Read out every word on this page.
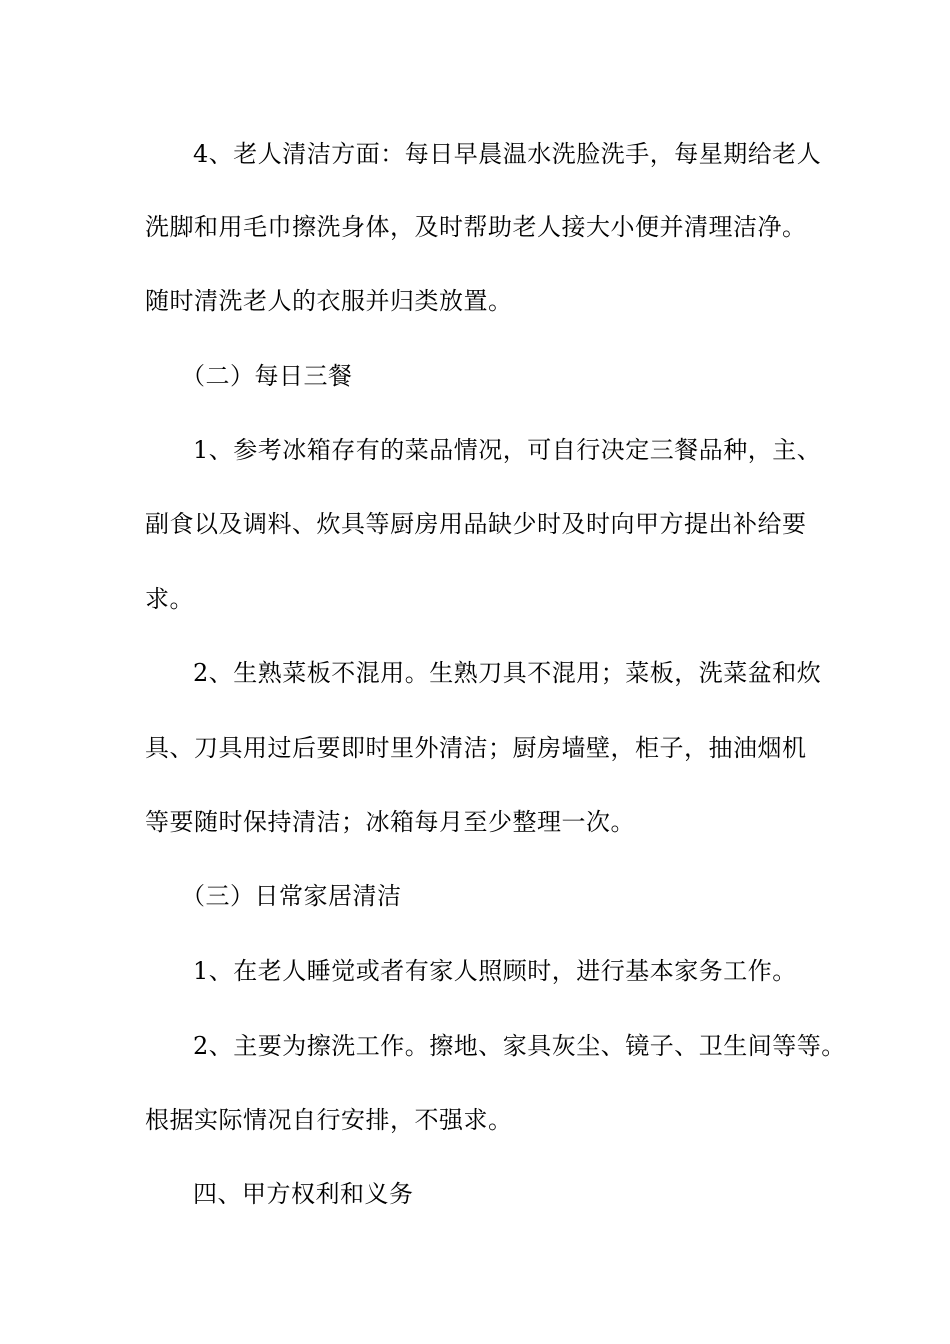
4、老人清洁方面：每日早晨温水洗脸洗手，每星期给老人
洗脚和用毛巾擦洗身体，及时帮助老人接大小便并清理洁净。
随时清洗老人的衣服并归类放置。
（二）每日三餐
1、参考冰箱存有的菜品情况，可自行决定三餐品种，主、
副食以及调料、炊具等厨房用品缺少时及时向甲方提出补给要
求。
2、生熟菜板不混用。生熟刀具不混用；菜板，洗菜盆和炊
具、刀具用过后要即时里外清洁；厨房墙壁，柜子，抽油烟机
等要随时保持清洁；冰箱每月至少整理一次。
（三）日常家居清洁
1、在老人睡觉或者有家人照顾时，进行基本家务工作。
2、主要为擦洗工作。擦地、家具灰尘、镜子、卫生间等等。
根据实际情况自行安排，不强求。
四、甲方权利和义务
